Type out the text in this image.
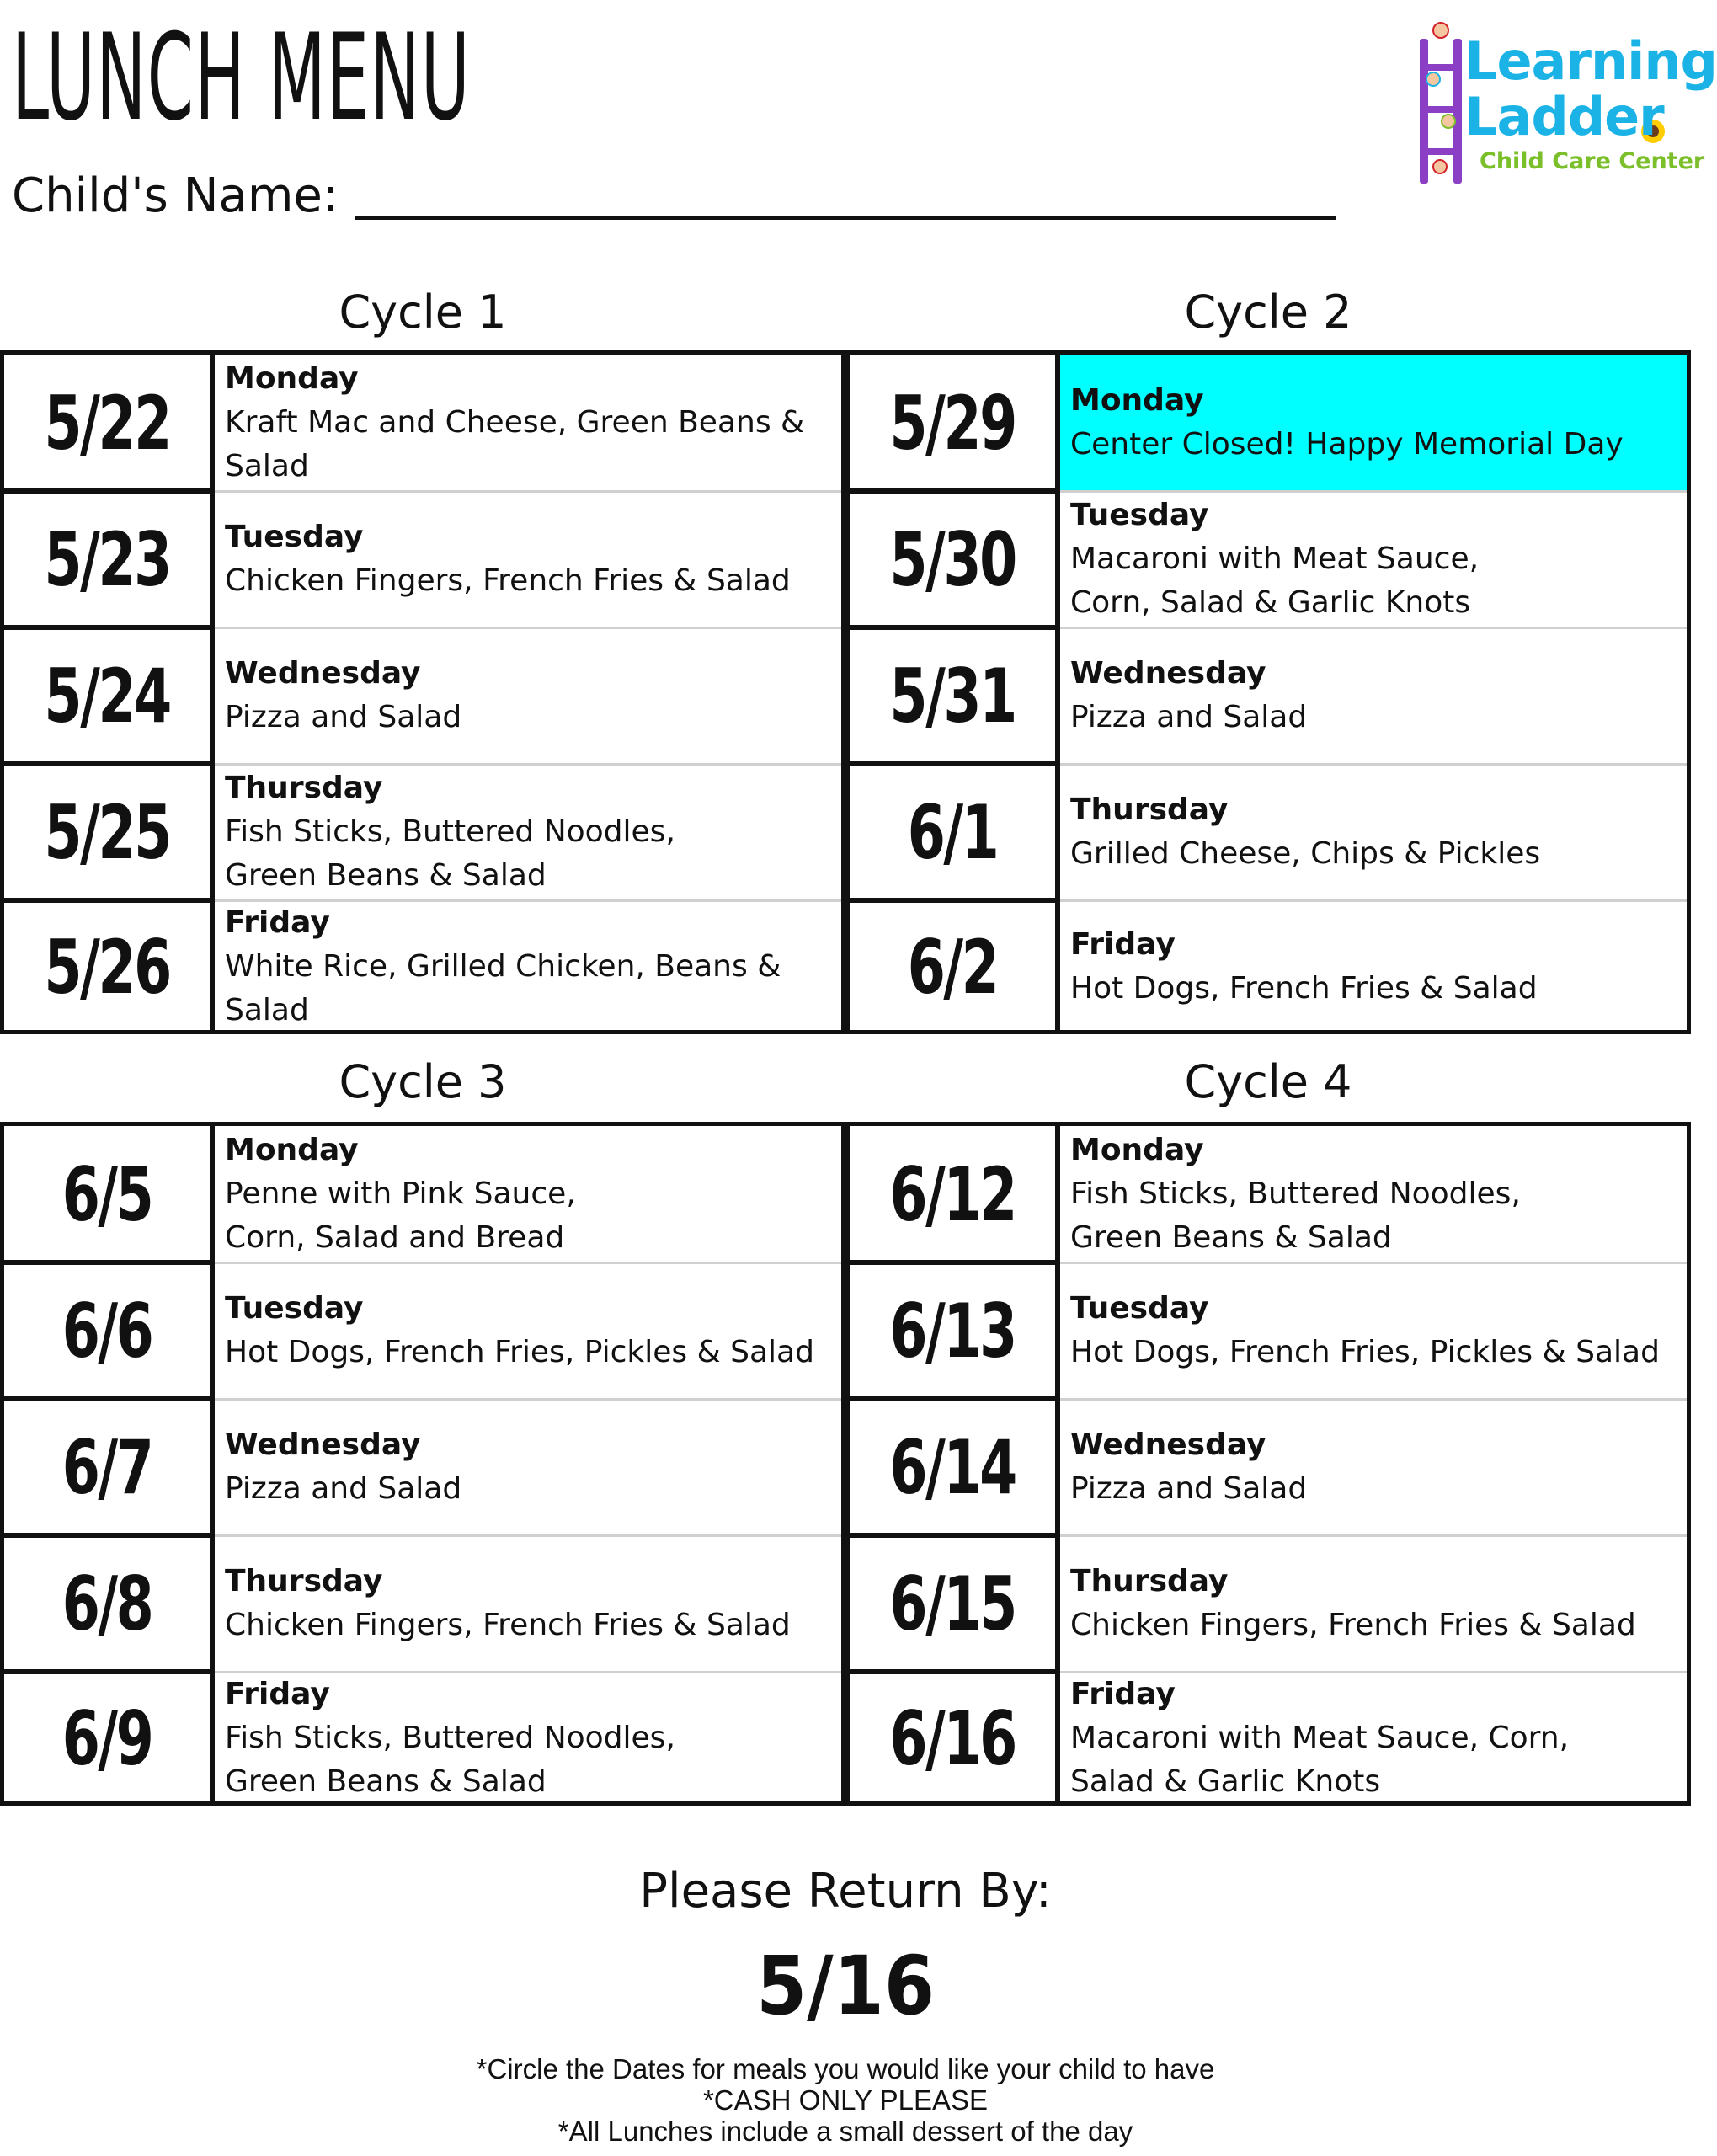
LUNCH MENU
Child's Name:
Learning
Ladder
Child Care Center
Cycle 1	Cycle 2
Cycle 3	Cycle 4
5/22
Monday
Kraft Mac and Cheese, Green Beans & Salad
5/23 Tuesday
Chicken Fingers, French Fries & Salad
5/24 Wednesday
Pizza and Salad
5/25
Thursday
Fish Sticks, Buttered Noodles,
Green Beans & Salad
5/26
Friday
White Rice, Grilled Chicken, Beans & Salad
5/29 Monday
Center Closed! Happy Memorial Day
5/30
Tuesday
Macaroni with Meat Sauce,
Corn, Salad & Garlic Knots
5/31 Wednesday
Pizza and Salad
6/1 Thursday
Grilled Cheese, Chips & Pickles
6/2 Friday
Hot Dogs, French Fries & Salad
6/5
Monday
Penne with Pink Sauce,
Corn, Salad and Bread
6/6 Tuesday
Hot Dogs, French Fries, Pickles & Salad
6/7 Wednesday
Pizza and Salad
6/8 Thursday
Chicken Fingers, French Fries & Salad
6/9
Friday
Fish Sticks, Buttered Noodles,
Green Beans & Salad
6/12
Monday
Fish Sticks, Buttered Noodles,
Green Beans & Salad
6/13 Tuesday
Hot Dogs, French Fries, Pickles & Salad
6/14 Wednesday
Pizza and Salad
6/15 Thursday
Chicken Fingers, French Fries & Salad
6/16
Friday
Macaroni with Meat Sauce, Corn,
Salad & Garlic Knots
Please Return By:
5/16
*Circle the Dates for meals you would like your child to have
*CASH ONLY PLEASE
*All Lunches include a small dessert of the day
